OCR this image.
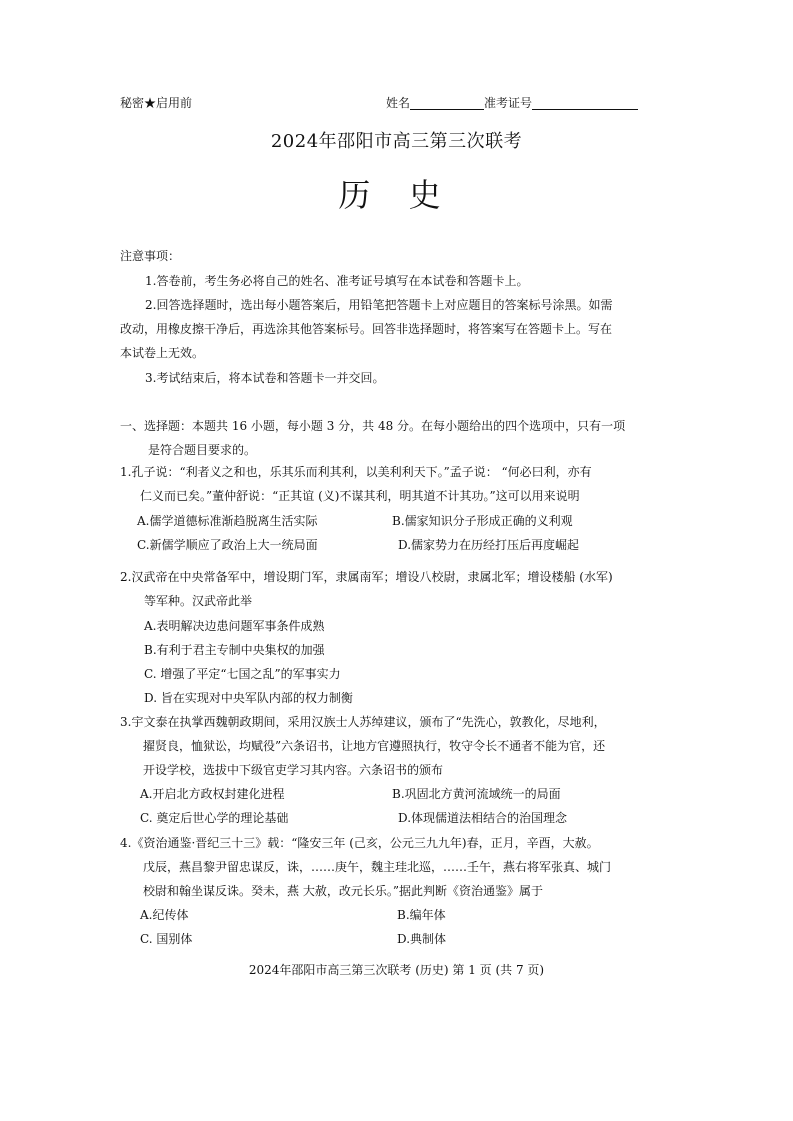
秘密★启用前	姓名	准考证号
2024年邵阳市高三第三次联考
历 史
注意事项：
1.答卷前，考生务必将自己的姓名、准考证号填写在本试卷和答题卡上。
2.回答选择题时，选出每小题答案后，用铅笔把答题卡上对应题目的答案标号涂黑。如需
改动，用橡皮擦干净后，再选涂其他答案标号。回答非选择题时，将答案写在答题卡上。写在
本试卷上无效。
3.考试结束后，将本试卷和答题卡一并交回。
一、选择题：本题共 16 小题，每小题 3 分，共 48 分。在每小题给出的四个选项中，只有一项
是符合题目要求的。
1.孔子说：“利者义之和也，乐其乐而利其利，以美利利天下。”孟子说： “何必曰利，亦有
仁义而已矣。”董仲舒说：“正其谊 (义)不谋其利，明其道不计其功。”这可以用来说明
A.儒学道德标准渐趋脱离生活实际	B.儒家知识分子形成正确的义利观
C.新儒学顺应了政治上大一统局面	D.儒家势力在历经打压后再度崛起
2.汉武帝在中央常备军中，增设期门军，隶属南军；增设八校尉，隶属北军；增设楼船 (水军)
等军种。汉武帝此举
A.表明解决边患问题军事条件成熟
B.有利于君主专制中央集权的加强
C. 增强了平定“七国之乱”的军事实力
D. 旨在实现对中央军队内部的权力制衡
3.宇文泰在执掌西魏朝政期间，采用汉族士人苏绰建议，颁布了“先洗心，敦教化，尽地利，
擢贤良，恤狱讼，均赋役”六条诏书，让地方官遵照执行，牧守令长不通者不能为官，还
开设学校，选拔中下级官吏学习其内容。六条诏书的颁布
A.开启北方政权封建化进程	B.巩固北方黄河流域统一的局面
C. 奠定后世心学的理论基础	D.体现儒道法相结合的治国理念
4.《资治通鉴·晋纪三十三》载：“隆安三年 (己亥，公元三九九年)春，正月，辛酉，大赦。
戊辰，燕昌黎尹留忠谋反，诛，……庚午，魏主珪北巡，……壬午，燕右将军张真、城门
校尉和翰坐谋反诛。癸未，燕 大赦，改元长乐。”据此判断《资治通鉴》属于
A.纪传体	B.编年体
C. 国别体	D.典制体
2024年邵阳市高三第三次联考 (历史) 第 1 页 (共 7 页)
